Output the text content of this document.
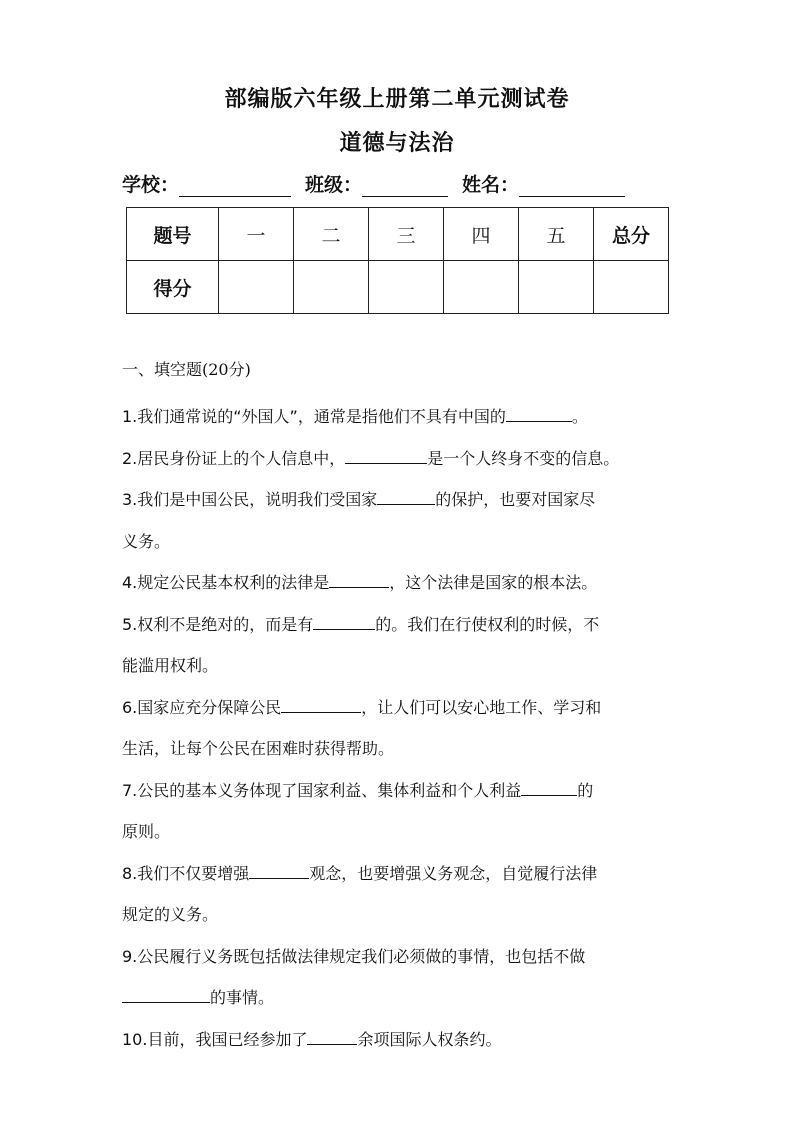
部编版六年级上册第二单元测试卷
道德与法治
学校：	班级：	姓名：
题号	一	二	三	四	五	总分
得分						
一、填空题(20分)
1.我们通常说的“外国人”，通常是指他们不具有中国的	。
2.居民身份证上的个人信息中，	是一个人终身不变的信息。
3.我们是中国公民，说明我们受国家	的保护，也要对国家尽
义务。
4.规定公民基本权利的法律是	，这个法律是国家的根本法。
5.权利不是绝对的，而是有	的。我们在行使权利的时候，不
能滥用权利。
6.国家应充分保障公民	，让人们可以安心地工作、学习和
生活，让每个公民在困难时获得帮助。
7.公民的基本义务体现了国家利益、集体利益和个人利益	的
原则。
8.我们不仅要增强	观念，也要增强义务观念，自觉履行法律
规定的义务。
9.公民履行义务既包括做法律规定我们必须做的事情，也包括不做
的事情。
10.目前，我国已经参加了	余项国际人权条约。
